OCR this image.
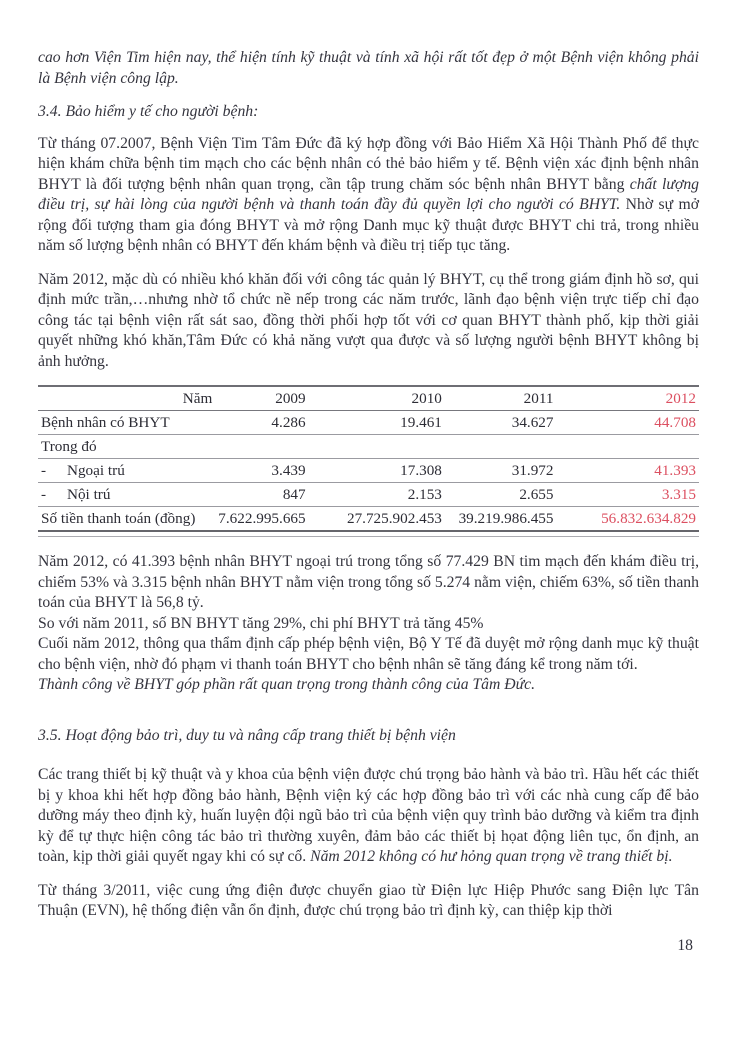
cao hơn Viện Tim hiện nay, thể hiện tính kỹ thuật và tính xã hội rất tốt đẹp ở một Bệnh viện không phải là Bệnh viện công lập.

3.4. Bảo hiểm y tế cho người bệnh:

Từ tháng 07.2007, Bệnh Viện Tim Tâm Đức đã ký hợp đồng với Bảo Hiểm Xã Hội Thành Phố để thực hiện khám chữa bệnh tim mạch cho các bệnh nhân có thẻ bảo hiểm y tế. Bệnh viện xác định bệnh nhân BHYT là đối tượng bệnh nhân quan trọng, cần tập trung chăm sóc bệnh nhân BHYT bằng chất lượng điều trị, sự hài lòng của người bệnh và thanh toán đầy đủ quyền lợi cho người có BHYT. Nhờ sự mở rộng đối tượng tham gia đóng BHYT và mở rộng Danh mục kỹ thuật được BHYT chi trả, trong nhiều năm số lượng bệnh nhân có BHYT đến khám bệnh và điều trị tiếp tục tăng.

Năm 2012, mặc dù có nhiều khó khăn đối với công tác quản lý BHYT, cụ thể trong giám định hồ sơ, qui định mức trần,…nhưng nhờ tổ chức nề nếp trong các năm trước, lãnh đạo bệnh viện trực tiếp chỉ đạo công tác tại bệnh viện rất sát sao, đồng thời phối hợp tốt với cơ quan BHYT thành phố, kịp thời giải quyết những khó khăn,Tâm Đức có khả năng vượt qua được và số lượng người bệnh BHYT không bị ảnh hưởng.

Năm	2009	2010	2011	2012
Bệnh nhân có BHYT	4.286	19.461	34.627	44.708
Trong đó				
- Ngoại trú	3.439	17.308	31.972	41.393
- Nội trú	847	2.153	2.655	3.315
Số tiền thanh toán (đồng)	7.622.995.665	27.725.902.453	39.219.986.455	56.832.634.829

Năm 2012, có 41.393 bệnh nhân BHYT ngoại trú trong tổng số 77.429 BN tim mạch đến khám điều trị, chiếm 53% và 3.315 bệnh nhân BHYT nằm viện trong tổng số 5.274 nằm viện, chiếm 63%, số tiền thanh toán của BHYT là 56,8 tỷ.

So với năm 2011, số BN BHYT tăng 29%, chi phí BHYT trả tăng 45%

Cuối năm 2012, thông qua thẩm định cấp phép bệnh viện, Bộ Y Tế đã duyệt mở rộng danh mục kỹ thuật cho bệnh viện, nhờ đó phạm vi thanh toán BHYT cho bệnh nhân sẽ tăng đáng kể trong năm tới.

Thành công về BHYT góp phần rất quan trọng trong thành công của Tâm Đức.

3.5. Hoạt động bảo trì, duy tu và nâng cấp trang thiết bị bệnh viện

Các trang thiết bị kỹ thuật và y khoa của bệnh viện được chú trọng bảo hành và bảo trì. Hầu hết các thiết bị y khoa khi hết hợp đồng bảo hành, Bệnh viện ký các hợp đồng bảo trì với các nhà cung cấp để bảo dưỡng máy theo định kỳ, huấn luyện đội ngũ bảo trì của bệnh viện quy trình bảo dưỡng và kiểm tra định kỳ để tự thực hiện công tác bảo trì thường xuyên, đảm bảo các thiết bị họat động liên tục, ổn định, an toàn, kịp thời giải quyết ngay khi có sự cố. Năm 2012 không có hư hỏng quan trọng về trang thiết bị.

Từ tháng 3/2011, việc cung ứng điện được chuyển giao từ Điện lực Hiệp Phước sang Điện lực Tân Thuận (EVN), hệ thống điện vẫn ổn định, được chú trọng bảo trì định kỳ, can thiệp kịp thời

18
